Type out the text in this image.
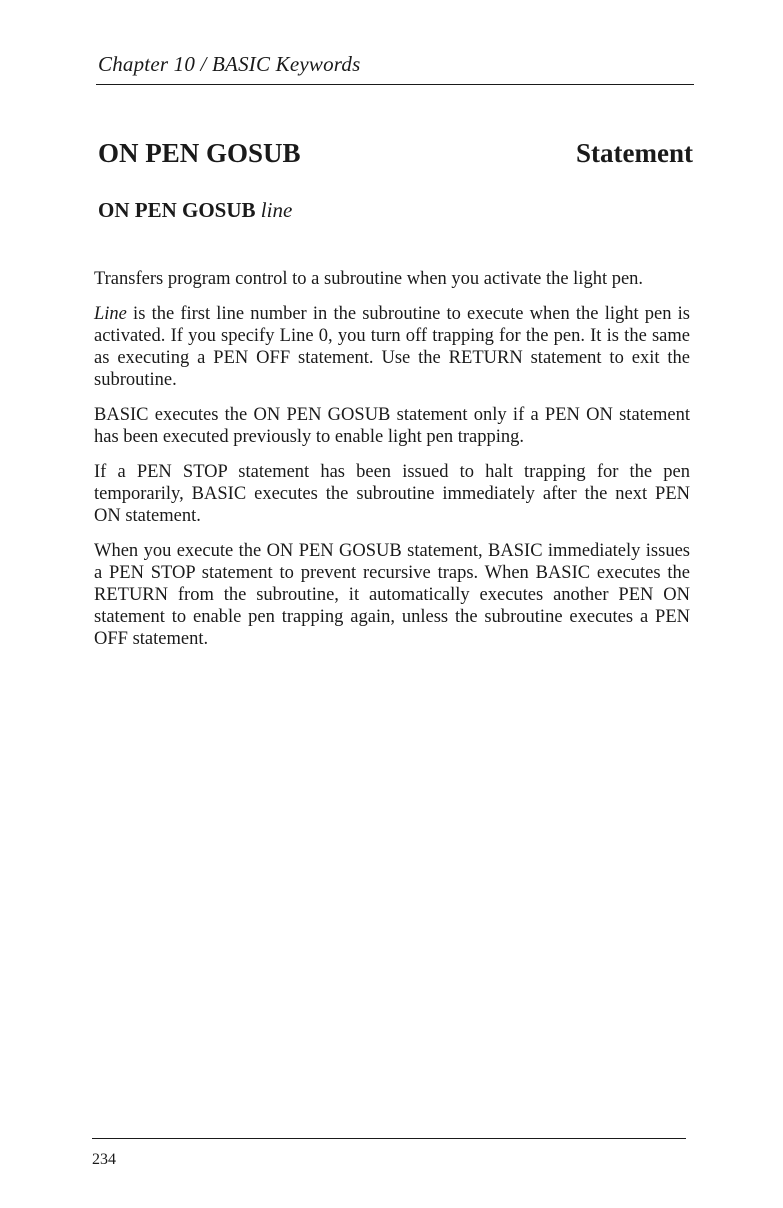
Chapter 10 / BASIC Keywords
ON PEN GOSUB	Statement
ON PEN GOSUB line

Transfers program control to a subroutine when you activate the light pen.

Line is the first line number in the subroutine to execute when the light pen is activated. If you specify Line 0, you turn off trapping for the pen. It is the same as executing a PEN OFF statement. Use the RETURN statement to exit the subroutine.

BASIC executes the ON PEN GOSUB statement only if a PEN ON statement has been executed previously to enable light pen trapping.

If a PEN STOP statement has been issued to halt trapping for the pen temporarily, BASIC executes the subroutine immediately after the next PEN ON statement.

When you execute the ON PEN GOSUB statement, BASIC immediately issues a PEN STOP statement to prevent recursive traps. When BASIC executes the RETURN from the subroutine, it automatically executes another PEN ON statement to enable pen trapping again, unless the subroutine executes a PEN OFF statement.

234
